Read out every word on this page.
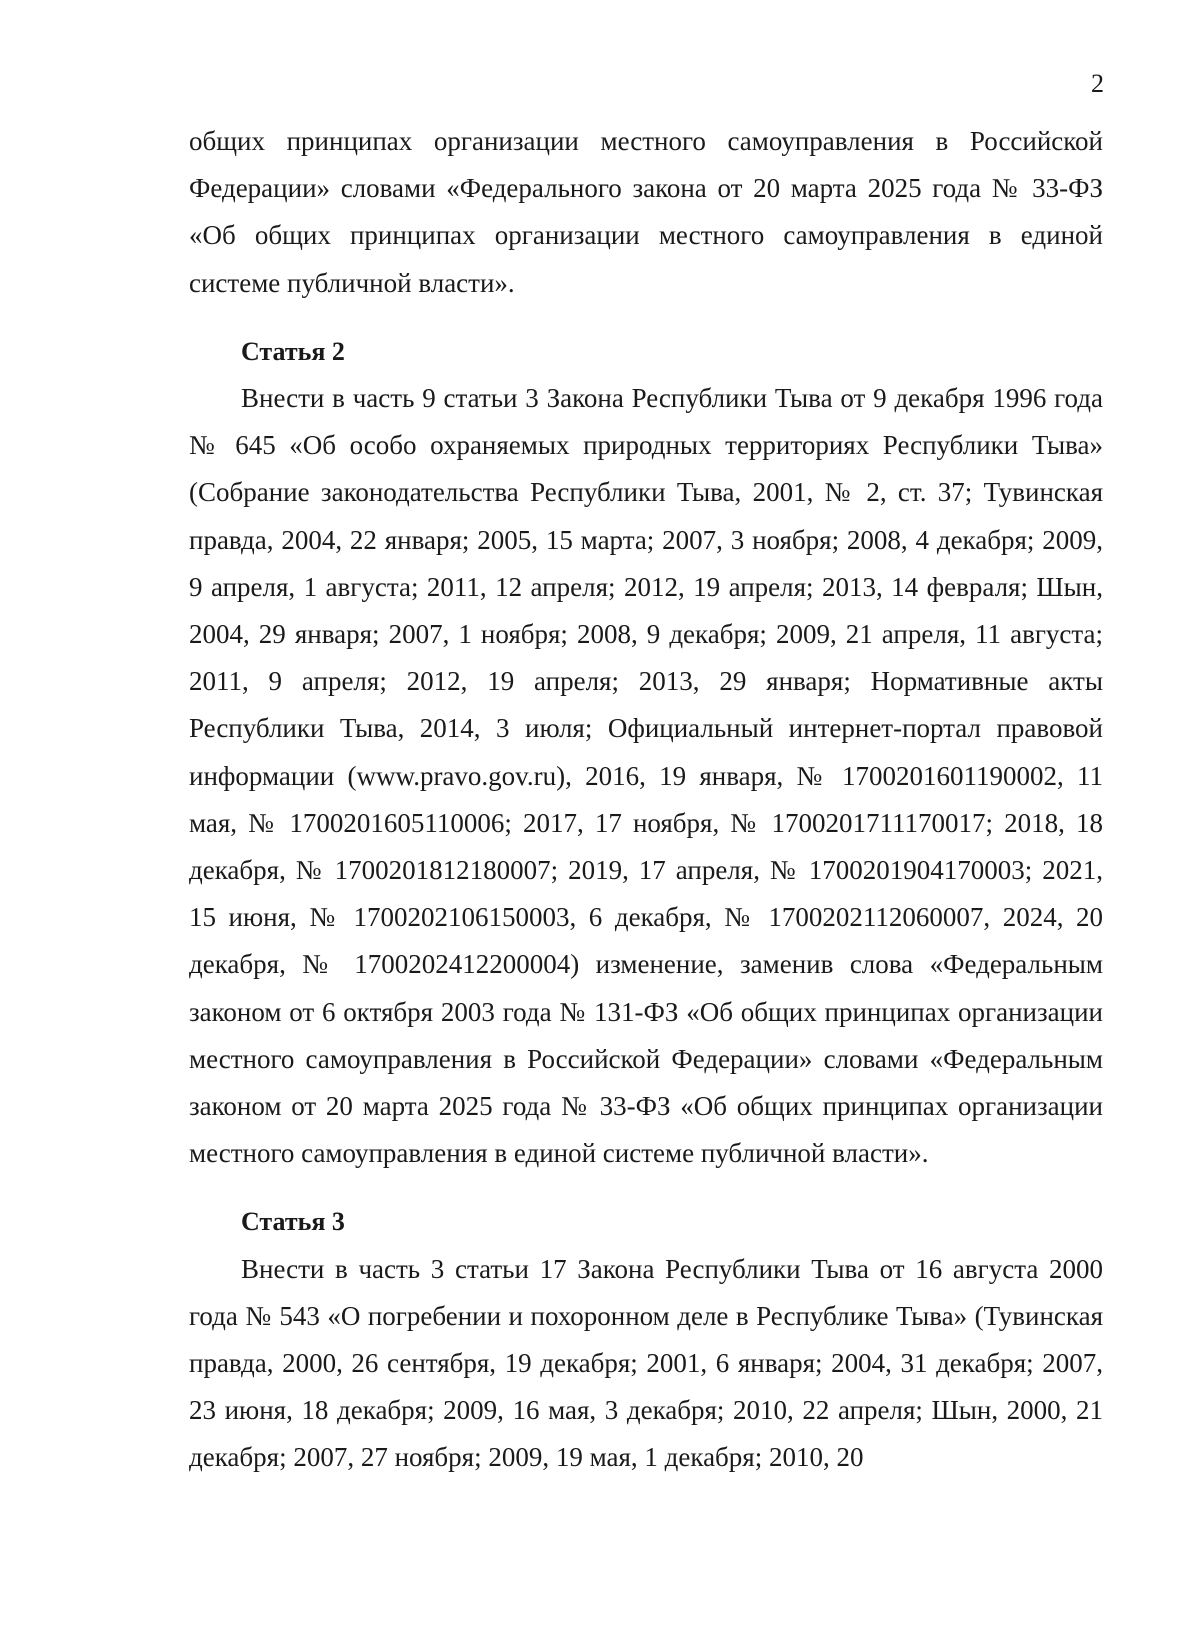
2

общих принципах организации местного самоуправления в Российской Федерации» словами «Федерального закона от 20 марта 2025 года № 33-ФЗ «Об общих принципах организации местного самоуправления в единой системе публичной власти».

Статья 2

Внести в часть 9 статьи 3 Закона Республики Тыва от 9 декабря 1996 года № 645 «Об особо охраняемых природных территориях Республики Тыва» (Собрание законодательства Республики Тыва, 2001, № 2, ст. 37; Тувинская правда, 2004, 22 января; 2005, 15 марта; 2007, 3 ноября; 2008, 4 декабря; 2009, 9 апреля, 1 августа; 2011, 12 апреля; 2012, 19 апреля; 2013, 14 февраля; Шын, 2004, 29 января; 2007, 1 ноября; 2008, 9 декабря; 2009, 21 апреля, 11 августа; 2011, 9 апреля; 2012, 19 апреля; 2013, 29 января; Нормативные акты Республики Тыва, 2014, 3 июля; Официальный интернет-портал правовой информации (www.pravo.gov.ru), 2016, 19 января, № 1700201601190002, 11 мая, № 1700201605110006; 2017, 17 ноября, № 1700201711170017; 2018, 18 декабря, № 1700201812180007; 2019, 17 апреля, № 1700201904170003; 2021, 15 июня, № 1700202106150003, 6 декабря, № 1700202112060007, 2024, 20 декабря, № 1700202412200004) изменение, заменив слова «Федеральным законом от 6 октября 2003 года № 131-ФЗ «Об общих принципах организации местного самоуправления в Российской Федерации» словами «Федеральным законом от 20 марта 2025 года № 33-ФЗ «Об общих принципах организации местного самоуправления в единой системе публичной власти».

Статья 3

Внести в часть 3 статьи 17 Закона Республики Тыва от 16 августа 2000 года № 543 «О погребении и похоронном деле в Республике Тыва» (Тувинская правда, 2000, 26 сентября, 19 декабря; 2001, 6 января; 2004, 31 декабря; 2007, 23 июня, 18 декабря; 2009, 16 мая, 3 декабря; 2010, 22 апреля; Шын, 2000, 21 декабря; 2007, 27 ноября; 2009, 19 мая, 1 декабря; 2010, 20
